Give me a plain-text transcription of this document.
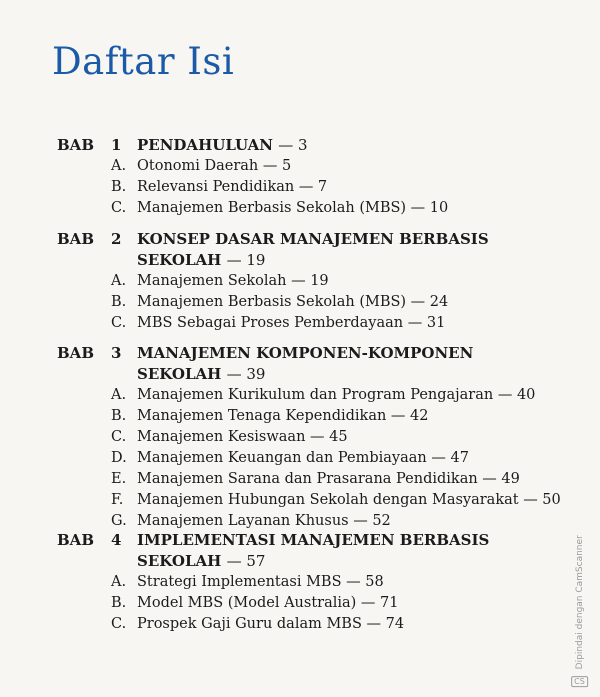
Daftar Isi
BAB 1 PENDAHULUAN — 3
A. Otonomi Daerah — 5
B. Relevansi Pendidikan — 7
C. Manajemen Berbasis Sekolah (MBS) — 10
BAB 2 KONSEP DASAR MANAJEMEN BERBASIS
SEKOLAH — 19
A. Manajemen Sekolah — 19
B. Manajemen Berbasis Sekolah (MBS) — 24
C. MBS Sebagai Proses Pemberdayaan — 31
BAB 3 MANAJEMEN KOMPONEN-KOMPONEN
SEKOLAH — 39
A. Manajemen Kurikulum dan Program Pengajaran — 40
B. Manajemen Tenaga Kependidikan — 42
C. Manajemen Kesiswaan — 45
D. Manajemen Keuangan dan Pembiayaan — 47
E. Manajemen Sarana dan Prasarana Pendidikan — 49
F. Manajemen Hubungan Sekolah dengan Masyarakat — 50
G. Manajemen Layanan Khusus — 52
BAB 4 IMPLEMENTASI MANAJEMEN BERBASIS
SEKOLAH — 57
A. Strategi Implementasi MBS — 58
B. Model MBS (Model Australia) — 71
C. Prospek Gaji Guru dalam MBS — 74
CSDipindai dengan CamScanner
